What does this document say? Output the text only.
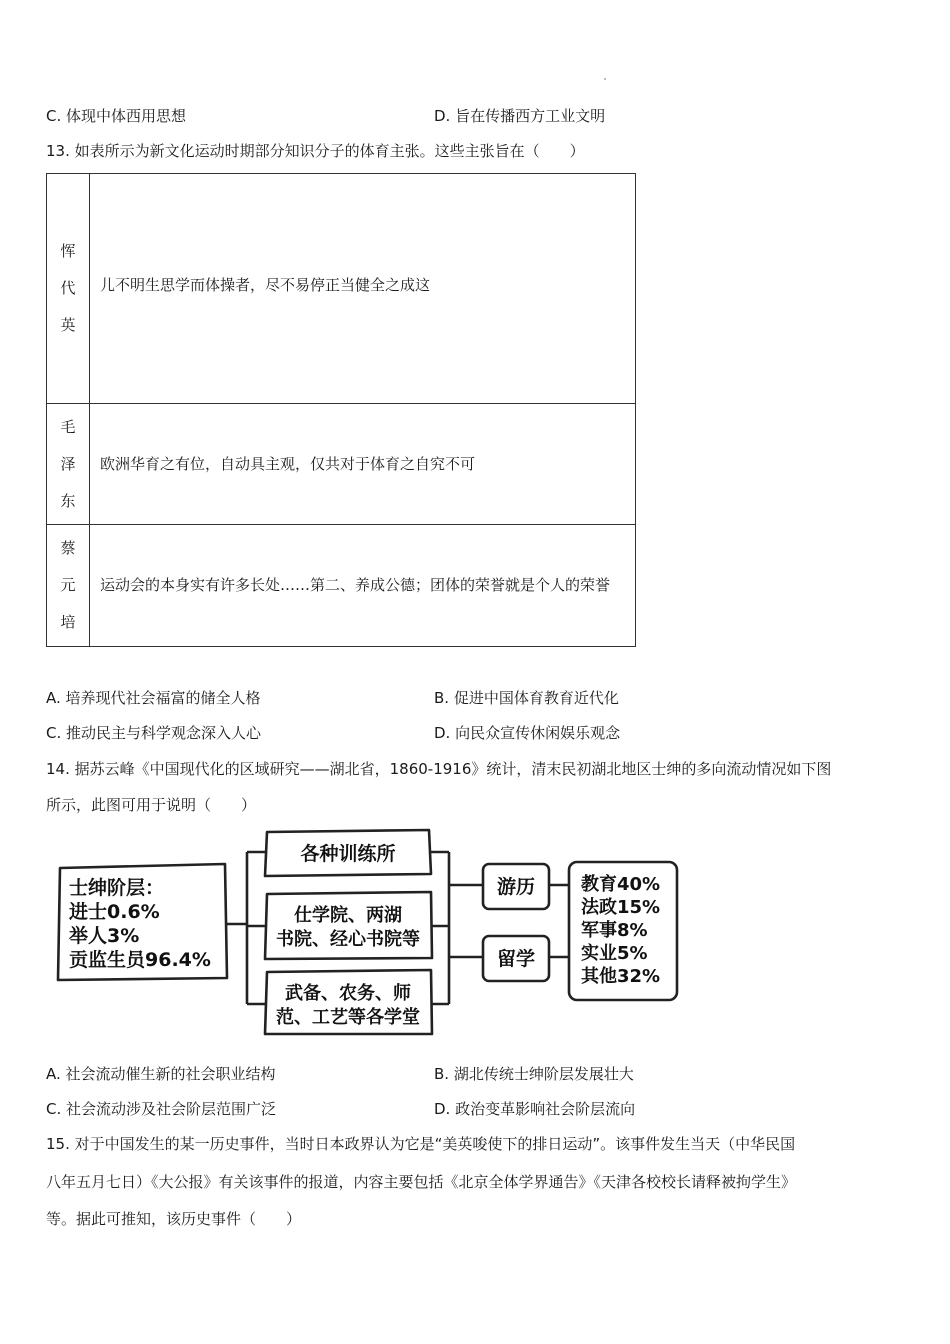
C. 体现中体西用思想	D. 旨在传播西方工业文明
13. 如表所示为新文化运动时期部分知识分子的体育主张。这些主张旨在（　　）
恽
代
英	儿不明生思学而体操者，尽不易停正当健全之成这

毛
泽
东	欧洲华育之有位，自动具主观，仅共对于体育之自究不可

蔡
元
培	运动会的本身实有许多长处……第二、养成公德；团体的荣誉就是个人的荣誉
A. 培养现代社会福富的储全人格	B. 促进中国体育教育近代化
C. 推动民主与科学观念深入人心	D. 向民众宣传休闲娱乐观念
14. 据苏云峰《中国现代化的区域研究——湖北省，1860-1916》统计，清末民初湖北地区士绅的多向流动情况如下图
所示，此图可用于说明（　　）
士绅阶层：
进士0.6%
举人3%
贡监生员96.4%
各种训练所
仕学院、两湖
书院、经心书院等
武备、农务、师
范、工艺等各学堂
游历
留学
教育40%
法政15%
军事8%
实业5%
其他32%
A. 社会流动催生新的社会职业结构	B. 湖北传统士绅阶层发展壮大
C. 社会流动涉及社会阶层范围广泛	D. 政治变革影响社会阶层流向
15. 对于中国发生的某一历史事件，当时日本政界认为它是“美英唆使下的排日运动”。该事件发生当天（中华民国
八年五月七日）《大公报》有关该事件的报道，内容主要包括《北京全体学界通告》《天津各校校长请释被拘学生》
等。据此可推知，该历史事件（　　）
